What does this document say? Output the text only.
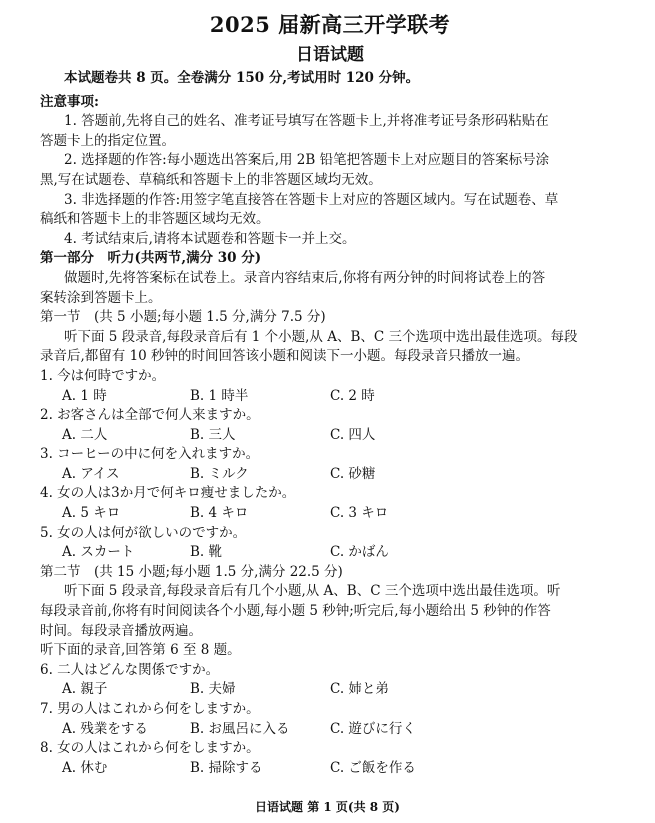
2025 届新高三开学联考
日语试题
本试题卷共 8 页。全卷满分 150 分,考试用时 120 分钟。
注意事项:
1. 答题前,先将自己的姓名、准考证号填写在答题卡上,并将准考证号条形码粘贴在
答题卡上的指定位置。
2. 选择题的作答:每小题选出答案后,用 2B 铅笔把答题卡上对应题目的答案标号涂
黑,写在试题卷、草稿纸和答题卡上的非答题区域均无效。
3. 非选择题的作答:用签字笔直接答在答题卡上对应的答题区域内。写在试题卷、草
稿纸和答题卡上的非答题区域均无效。
4. 考试结束后,请将本试题卷和答题卡一并上交。
第一部分　听力(共两节,满分 30 分)
做题时,先将答案标在试卷上。录音内容结束后,你将有两分钟的时间将试卷上的答
案转涂到答题卡上。
第一节　(共 5 小题;每小题 1.5 分,满分 7.5 分)
听下面 5 段录音,每段录音后有 1 个小题,从 A、B、C 三个选项中选出最佳选项。每段
录音后,都留有 10 秒钟的时间回答该小题和阅读下一小题。每段录音只播放一遍。
1. 今は何時ですか。
A. 1 時	B. 1 時半	C. 2 時
2. お客さんは全部で何人来ますか。
A. 二人	B. 三人	C. 四人
3. コーヒーの中に何を入れますか。
A. アイス	B. ミルク	C. 砂糖
4. 女の人は3か月で何キロ痩せましたか。
A. 5 キロ	B. 4 キロ	C. 3 キロ
5. 女の人は何が欲しいのですか。
A. スカート	B. 靴	C. かばん
第二节　(共 15 小题;每小题 1.5 分,满分 22.5 分)
听下面 5 段录音,每段录音后有几个小题,从 A、B、C 三个选项中选出最佳选项。听
每段录音前,你将有时间阅读各个小题,每小题 5 秒钟;听完后,每小题给出 5 秒钟的作答
时间。每段录音播放两遍。
听下面的录音,回答第 6 至 8 题。
6. 二人はどんな関係ですか。
A. 親子	B. 夫婦	C. 姉と弟
7. 男の人はこれから何をしますか。
A. 残業をする	B. お風呂に入る	C. 遊びに行く
8. 女の人はこれから何をしますか。
A. 休む	B. 掃除する	C. ご飯を作る
日语试题 第 1 页(共 8 页)
